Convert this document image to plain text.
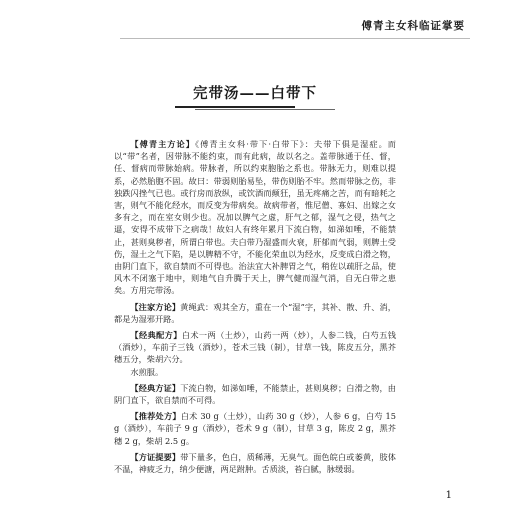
傅青主女科临证掌要
完带汤——白带下

【傅青主方论】《傅青主女科·带下·白带下》：夫带下俱是湿症。而以“带”名者，因带脉不能约束，而有此病，故以名之。盖带脉通于任、督，任、督病而带脉始病。带脉者，所以约束胞胎之系也。带脉无力，则难以提系，必然胎胞不固。故曰：带弱则胎易坠，带伤则胎不牢。然而带脉之伤，非独跌闪挫气已也。或行房而放纵，或饮酒而颠狂，虽无疼痛之苦，而有暗耗之害，则气不能化经水，而反变为带病矣。故病带者，惟尼僧、寡妇、出嫁之女多有之，而在室女则少也。况加以脾气之虚，肝气之郁，湿气之侵，热气之逼，安得不成带下之病哉！故妇人有终年累月下流白物，如涕如唾，不能禁止，甚则臭秽者，所谓白带也。夫白带乃湿盛而火衰，肝郁而气弱，则脾土受伤，湿土之气下陷，是以脾精不守，不能化荣血以为经水，反变成白滑之物，由阴门直下，欲自禁而不可得也。治法宜大补脾胃之气，稍佐以疏肝之品，使风木不闭塞于地中，则地气自升腾于天上，脾气健而湿气消，自无白带之患矣。方用完带汤。

【注家方论】黄绳武：观其全方，重在一个“湿”字，其补、散、升、消，都是为湿邪开路。

【经典配方】白术一两（土炒），山药一两（炒），人参二钱，白芍五钱（酒炒），车前子三钱（酒炒），苍术三钱（制），甘草一钱，陈皮五分，黑芥穗五分，柴胡六分。

水煎服。

【经典方证】下流白物，如涕如唾，不能禁止，甚则臭秽；白滑之物，由阴门直下，欲自禁而不可得。

【推荐处方】白术 30 g（土炒），山药 30 g（炒），人参 6 g，白芍 15 g（酒炒），车前子 9 g（酒炒），苍术 9 g（制），甘草 3 g，陈皮 2 g，黑芥穗 2 g，柴胡 2.5 g。

【方证提要】带下量多，色白，质稀薄，无臭气。面色皖白或萎黄，肢体不温，神疲乏力，纳少便溏，两足跗肿。舌质淡，苔白腻，脉缓弱。

1
